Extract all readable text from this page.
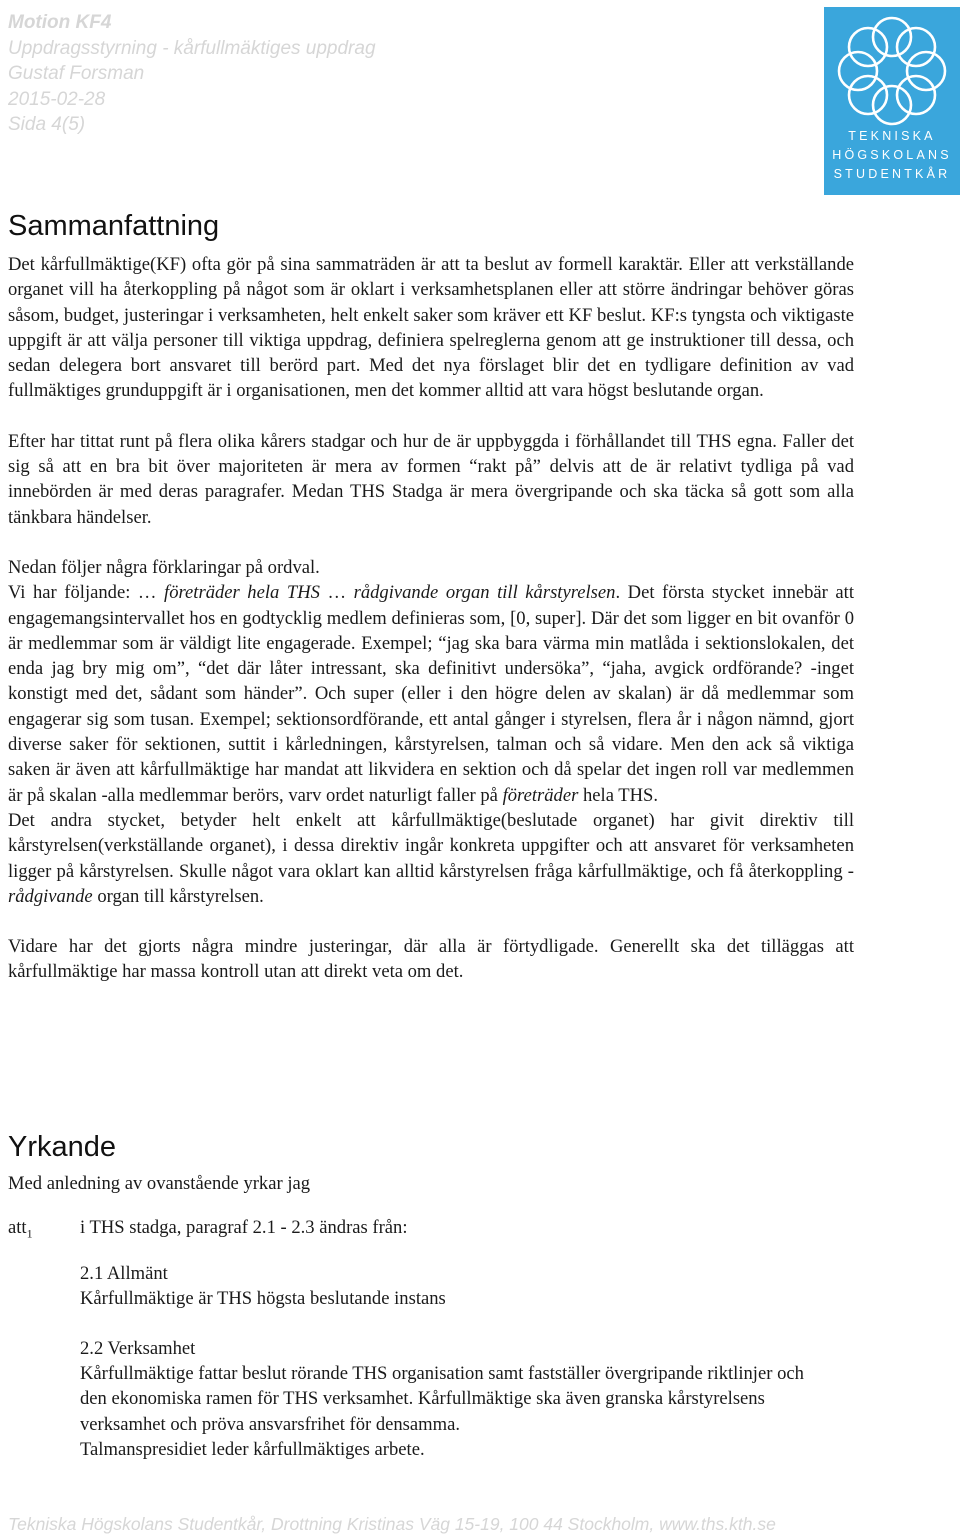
Motion KF4
Uppdragsstyrning - kårfullmäktiges uppdrag
Gustaf Forsman
2015-02-28
Sida 4(5)
TEKNISKA
HÖGSKOLANS
STUDENTKÅR
Sammanfattning

Det kårfullmäktige(KF) ofta gör på sina sammaträden är att ta beslut av formell karaktär. Eller att verkställande organet vill ha återkoppling på något som är oklart i verksamhetsplanen eller att större ändringar behöver göras såsom, budget, justeringar i verksamheten, helt enkelt saker som kräver ett KF beslut. KF:s tyngsta och viktigaste uppgift är att välja personer till viktiga uppdrag, definiera spelreglerna genom att ge instruktioner till dessa, och sedan delegera bort ansvaret till berörd part. Med det nya förslaget blir det en tydligare definition av vad fullmäktiges grunduppgift är i organisationen, men det kommer alltid att vara högst beslutande organ.

Efter har tittat runt på flera olika kårers stadgar och hur de är uppbyggda i förhållandet till THS egna. Faller det sig så att en bra bit över majoriteten är mera av formen “rakt på” delvis att de är relativt tydliga på vad innebörden är med deras paragrafer. Medan THS Stadga är mera övergripande och ska täcka så gott som alla tänkbara händelser.

Nedan följer några förklaringar på ordval.

Vi har följande: … företräder hela THS … rådgivande organ till kårstyrelsen. Det första stycket innebär att engagemangsintervallet hos en godtycklig medlem definieras som, [0, super]. Där det som ligger en bit ovanför 0 är medlemmar som är väldigt lite engagerade. Exempel; “jag ska bara värma min matlåda i sektionslokalen, det enda jag bry mig om”, “det där låter intressant, ska definitivt undersöka”, “jaha, avgick ordförande? -inget konstigt med det, sådant som händer”. Och super (eller i den högre delen av skalan) är då medlemmar som engagerar sig som tusan. Exempel; sektionsordförande, ett antal gånger i styrelsen, flera år i någon nämnd, gjort diverse saker för sektionen, suttit i kårledningen, kårstyrelsen, talman och så vidare. Men den ack så viktiga saken är även att kårfullmäktige har mandat att likvidera en sektion och då spelar det ingen roll var medlemmen är på skalan -alla medlemmar berörs, varv ordet naturligt faller på företräder hela THS.

Det andra stycket, betyder helt enkelt att kårfullmäktige(beslutade organet) har givit direktiv till kårstyrelsen(verkställande organet), i dessa direktiv ingår konkreta uppgifter och att ansvaret för verksamheten ligger på kårstyrelsen. Skulle något vara oklart kan alltid kårstyrelsen fråga kårfullmäktige, och få återkoppling -rådgivande organ till kårstyrelsen.

Vidare har det gjorts några mindre justeringar, där alla är förtydligade. Generellt ska det tilläggas att kårfullmäktige har massa kontroll utan att direkt veta om det.

Yrkande
Med anledning av ovanstående yrkar jag
att$_1$	i THS stadga, paragraf 2.1 - 2.3 ändras från:
2.1 Allmänt
Kårfullmäktige är THS högsta beslutande instans
2.2 Verksamhet
Kårfullmäktige fattar beslut rörande THS organisation samt fastställer övergripande riktlinjer och den ekonomiska ramen för THS verksamhet. Kårfullmäktige ska även granska kårstyrelsens verksamhet och pröva ansvarsfrihet för densamma.
Talmanspresidiet leder kårfullmäktiges arbete.
Tekniska Högskolans Studentkår, Drottning Kristinas Väg 15-19, 100 44 Stockholm, www.ths.kth.se
